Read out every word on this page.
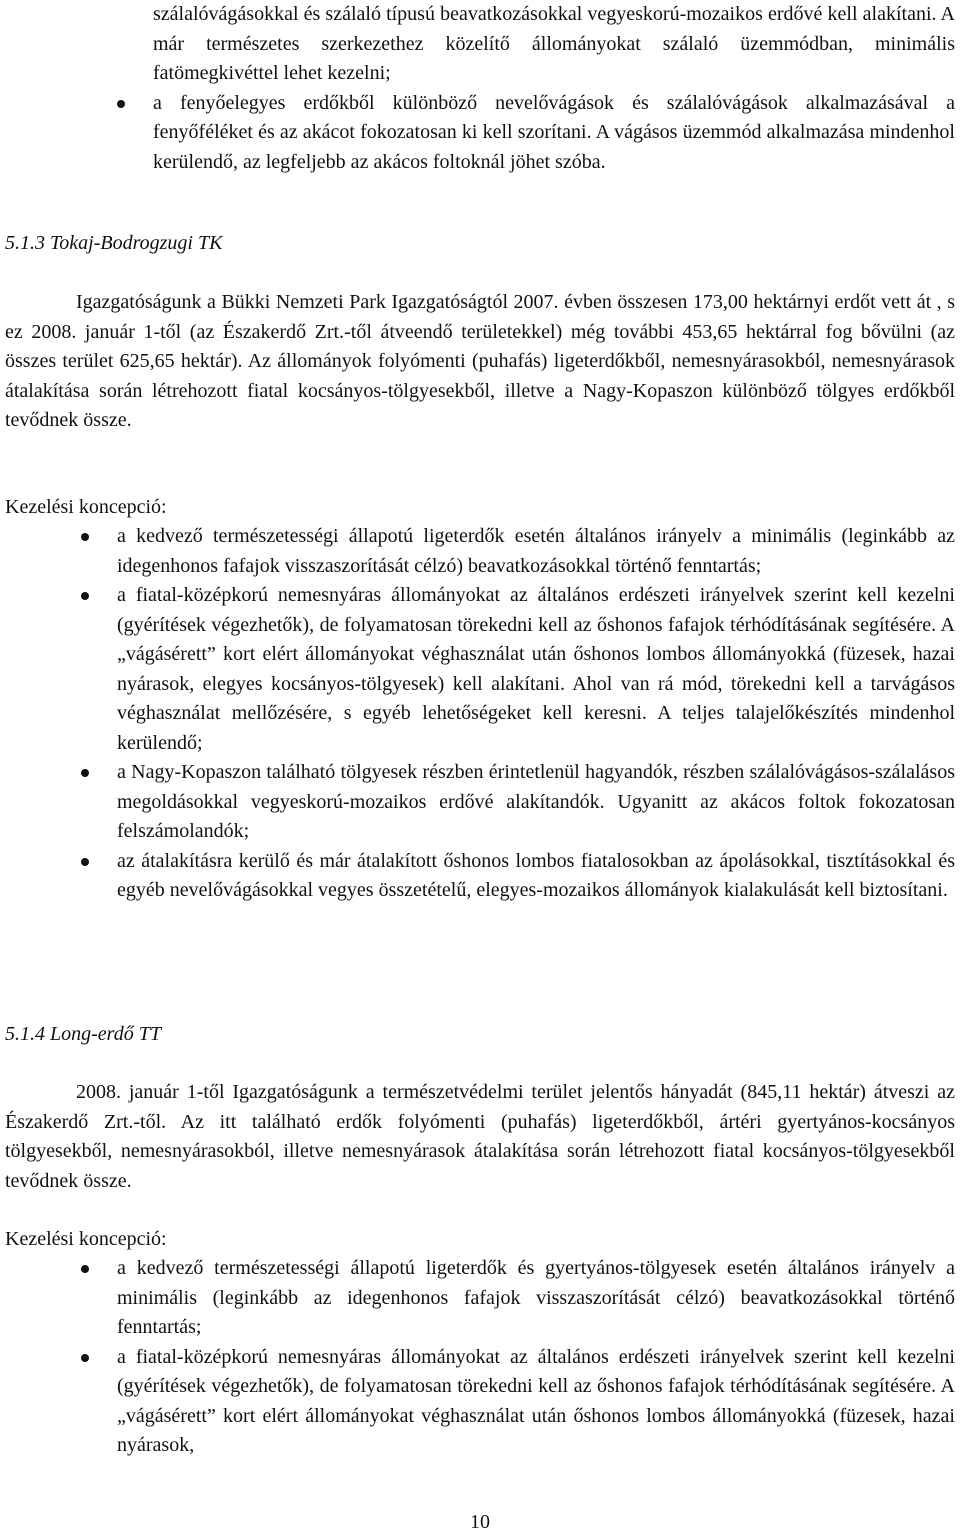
szálalóvágásokkal és szálaló típusú beavatkozásokkal vegyeskorú-mozaikos erdővé kell alakítani. A már természetes szerkezethez közelítő állományokat szálaló üzemmódban, minimális fatömegkivéttel lehet kezelni;

a fenyőelegyes erdőkből különböző nevelővágások és szálalóvágások alkalmazásával a fenyőféléket és az akácot fokozatosan ki kell szorítani. A vágásos üzemmód alkalmazása mindenhol kerülendő, az legfeljebb az akácos foltoknál jöhet szóba.

5.1.3 Tokaj-Bodrogzugi TK

Igazgatóságunk a Bükki Nemzeti Park Igazgatóságtól 2007. évben összesen 173,00 hektárnyi erdőt vett át , s ez 2008. január 1-től (az Északerdő Zrt.-től átveendő területekkel) még további 453,65 hektárral fog bővülni (az összes terület 625,65 hektár). Az állományok folyómenti (puhafás) ligeterdőkből, nemesnyárasokból, nemesnyárasok átalakítása során létrehozott fiatal kocsányos-tölgyesekből, illetve a Nagy-Kopaszon különböző tölgyes erdőkből tevődnek össze.

Kezelési koncepció:

a kedvező természetességi állapotú ligeterdők esetén általános irányelv a minimális (leginkább az idegenhonos fafajok visszaszorítását célzó) beavatkozásokkal történő fenntartás;
a fiatal-középkorú nemesnyáras állományokat az általános erdészeti irányelvek szerint kell kezelni (gyérítések végezhetők), de folyamatosan törekedni kell az őshonos fafajok térhódításának segítésére. A „vágásérett” kort elért állományokat véghasználat után őshonos lombos állományokká (füzesek, hazai nyárasok, elegyes kocsányos-tölgyesek) kell alakítani. Ahol van rá mód, törekedni kell a tarvágásos véghasználat mellőzésére, s egyéb lehetőségeket kell keresni. A teljes talajelőkészítés mindenhol kerülendő;
a Nagy-Kopaszon található tölgyesek részben érintetlenül hagyandók, részben szálalóvágásos-szálalásos megoldásokkal vegyeskorú-mozaikos erdővé alakítandók. Ugyanitt az akácos foltok fokozatosan felszámolandók;
az átalakításra kerülő és már átalakított őshonos lombos fiatalosokban az ápolásokkal, tisztításokkal és egyéb nevelővágásokkal vegyes összetételű, elegyes-mozaikos állományok kialakulását kell biztosítani.

5.1.4 Long-erdő TT

2008. január 1-től Igazgatóságunk a természetvédelmi terület jelentős hányadát (845,11 hektár) átveszi az Északerdő Zrt.-től. Az itt található erdők folyómenti (puhafás) ligeterdőkből, ártéri gyertyános-kocsányos tölgyesekből, nemesnyárasokból, illetve nemesnyárasok átalakítása során létrehozott fiatal kocsányos-tölgyesekből tevődnek össze.

Kezelési koncepció:

a kedvező természetességi állapotú ligeterdők és gyertyános-tölgyesek esetén általános irányelv a minimális (leginkább az idegenhonos fafajok visszaszorítását célzó) beavatkozásokkal történő fenntartás;
a fiatal-középkorú nemesnyáras állományokat az általános erdészeti irányelvek szerint kell kezelni (gyérítések végezhetők), de folyamatosan törekedni kell az őshonos fafajok térhódításának segítésére. A „vágásérett” kort elért állományokat véghasználat után őshonos lombos állományokká (füzesek, hazai nyárasok,
10
